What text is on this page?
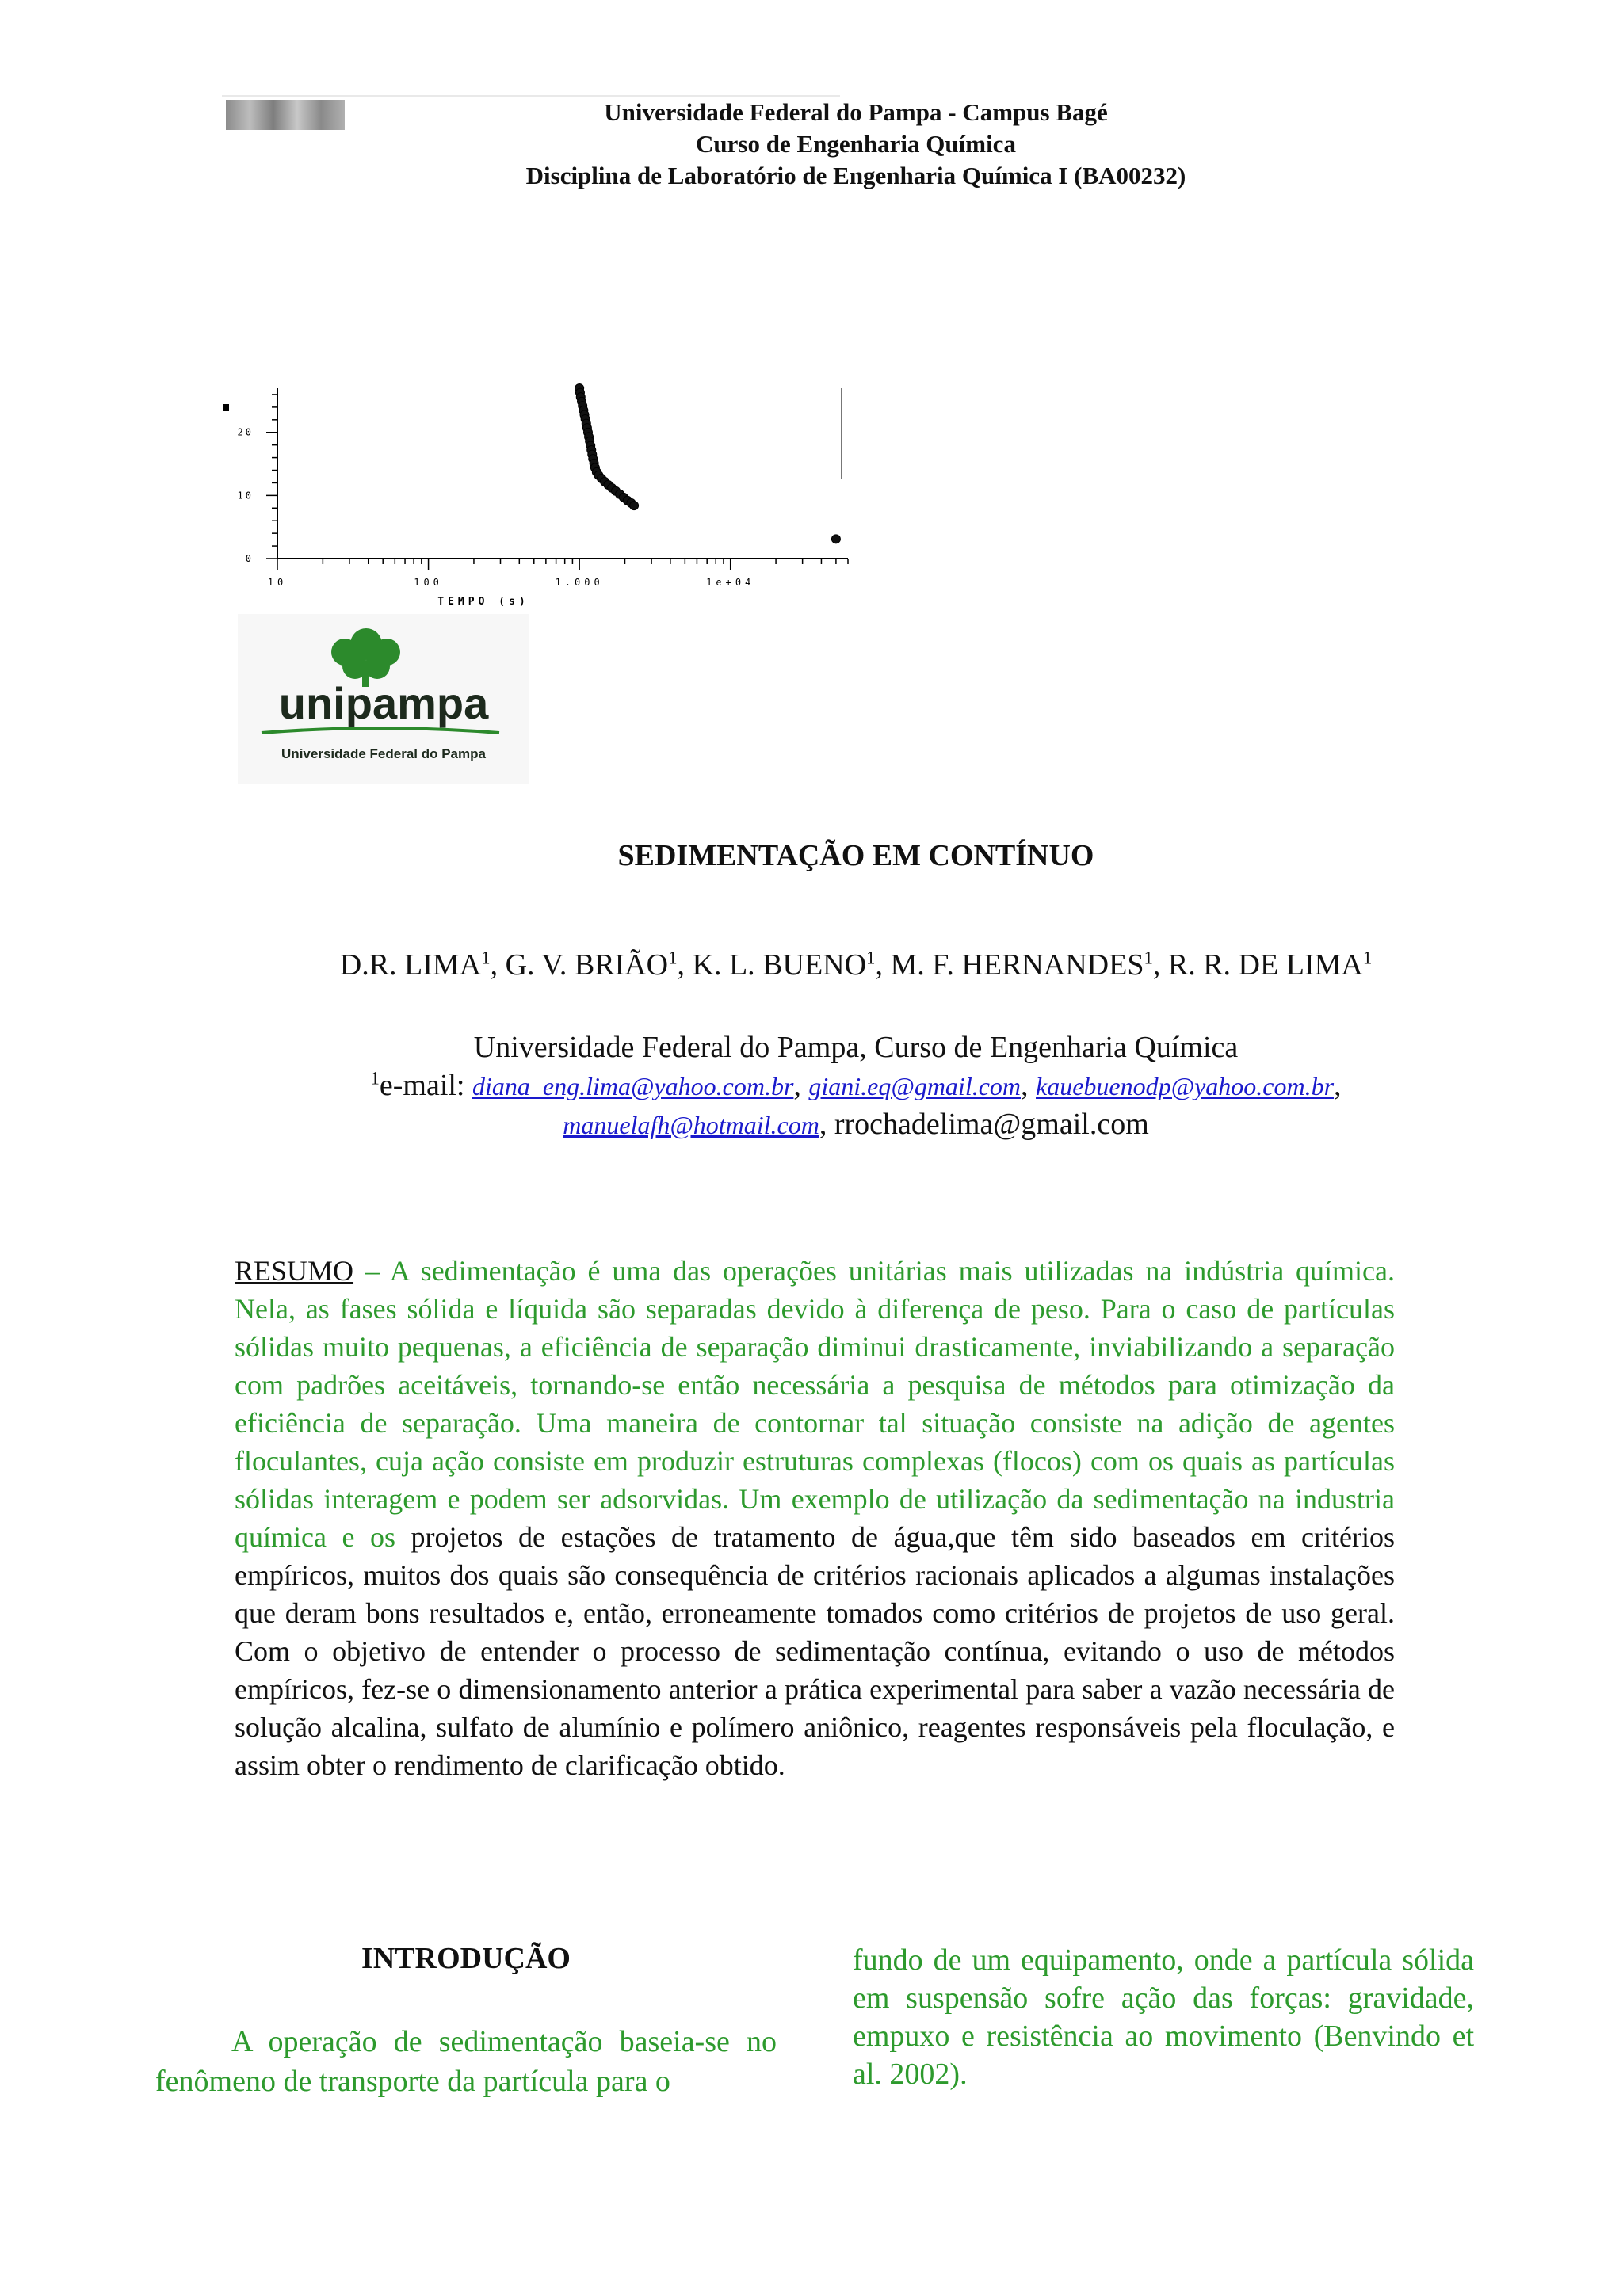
Universidade Federal do Pampa - Campus Bagé
Curso de Engenharia Química
Disciplina de Laboratório de Engenharia Química I (BA00232)
0
10
20
10	100	1.000	1e+04
TEMPO (s)
unipampa
Universidade Federal do Pampa
SEDIMENTAÇÃO EM CONTÍNUO
D.R. LIMA$^1$, G. V. BRIÃO$^1$, K. L. BUENO$^1$, M. F. HERNANDES$^1$, R. R. DE LIMA$^1$
Universidade Federal do Pampa, Curso de Engenharia Química
$^1$e-mail: diana_eng.lima@yahoo.com.br, giani.eq@gmail.com, kauebuenodp@yahoo.com.br,
manuelafh@hotmail.com, rrochadelima@gmail.com
RESUMO – A sedimentação é uma das operações unitárias mais utilizadas na indústria química. Nela, as fases sólida e líquida são separadas devido à diferença de peso. Para o caso de partículas sólidas muito pequenas, a eficiência de separação diminui drasticamente, inviabilizando a separação com padrões aceitáveis, tornando-se então necessária a pesquisa de métodos para otimização da eficiência de separação. Uma maneira de contornar tal situação consiste na adição de agentes floculantes, cuja ação consiste em produzir estruturas complexas (flocos) com os quais as partículas sólidas interagem e podem ser adsorvidas. Um exemplo de utilização da sedimentação na industria química e os projetos de estações de tratamento de água,que têm sido baseados em critérios empíricos, muitos dos quais são consequência de critérios racionais aplicados a algumas instalações que deram bons resultados e, então, erroneamente tomados como critérios de projetos de uso geral. Com o objetivo de entender o processo de sedimentação contínua, evitando o uso de métodos empíricos, fez-se o dimensionamento anterior a prática experimental para saber a vazão necessária de solução alcalina, sulfato de alumínio e polímero aniônico, reagentes responsáveis pela floculação, e assim obter o rendimento de clarificação obtido.
INTRODUÇÃO
A operação de sedimentação baseia-se no fenômeno de transporte da partícula para o
fundo de um equipamento, onde a partícula sólida em suspensão sofre ação das forças: gravidade, empuxo e resistência ao movimento (Benvindo et al. 2002).
